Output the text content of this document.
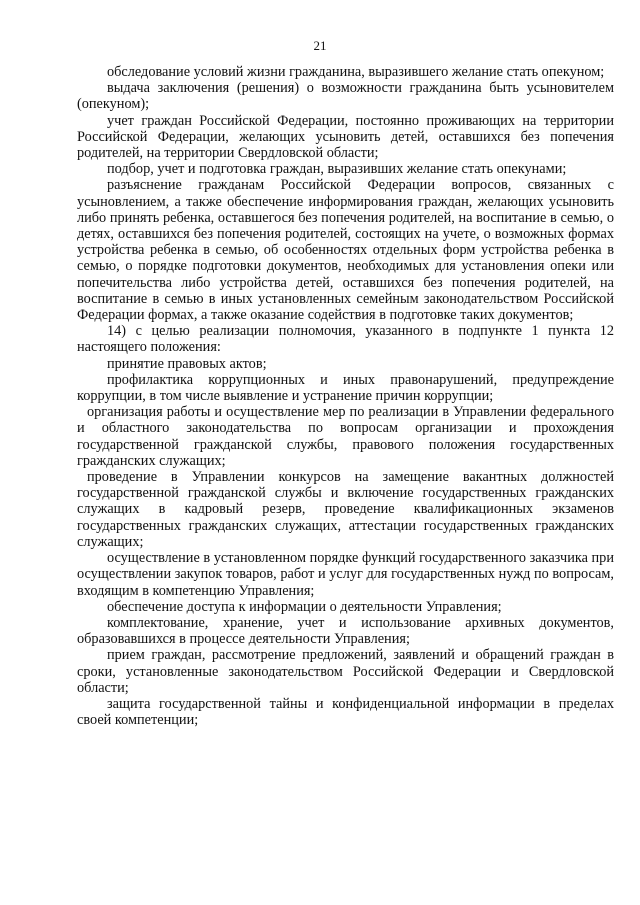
21

обследование условий жизни гражданина, выразившего желание стать опекуном;

выдача заключения (решения) о возможности гражданина быть усыновителем (опекуном);

учет граждан Российской Федерации, постоянно проживающих на территории Российской Федерации, желающих усыновить детей, оставшихся без попечения родителей, на территории Свердловской области;

подбор, учет и подготовка граждан, выразивших желание стать опекунами;

разъяснение гражданам Российской Федерации вопросов, связанных с усыновлением, а также обеспечение информирования граждан, желающих усыновить либо принять ребенка, оставшегося без попечения родителей, на воспитание в семью, о детях, оставшихся без попечения родителей, состоящих на учете, о возможных формах устройства ребенка в семью, об особенностях отдельных форм устройства ребенка в семью, о порядке подготовки документов, необходимых для установления опеки или попечительства либо устройства детей, оставшихся без попечения родителей, на воспитание в семью в иных установленных семейным законодательством Российской Федерации формах, а также оказание содействия в подготовке таких документов;

14) с целью реализации полномочия, указанного в подпункте 1 пункта 12 настоящего положения:

принятие правовых актов;

профилактика коррупционных и иных правонарушений, предупреждение коррупции, в том числе выявление и устранение причин коррупции;

организация работы и осуществление мер по реализации в Управлении федерального и областного законодательства по вопросам организации и прохождения государственной гражданской службы, правового положения государственных гражданских служащих;

проведение в Управлении конкурсов на замещение вакантных должностей государственной гражданской службы и включение государственных гражданских служащих в кадровый резерв, проведение квалификационных экзаменов государственных гражданских служащих, аттестации государственных гражданских служащих;

осуществление в установленном порядке функций государственного заказчика при осуществлении закупок товаров, работ и услуг для государственных нужд по вопросам, входящим в компетенцию Управления;

обеспечение доступа к информации о деятельности Управления;

комплектование, хранение, учет и использование архивных документов, образовавшихся в процессе деятельности Управления;

прием граждан, рассмотрение предложений, заявлений и обращений граждан в сроки, установленные законодательством Российской Федерации и Свердловской области;

защита государственной тайны и конфиденциальной информации в пределах своей компетенции;
